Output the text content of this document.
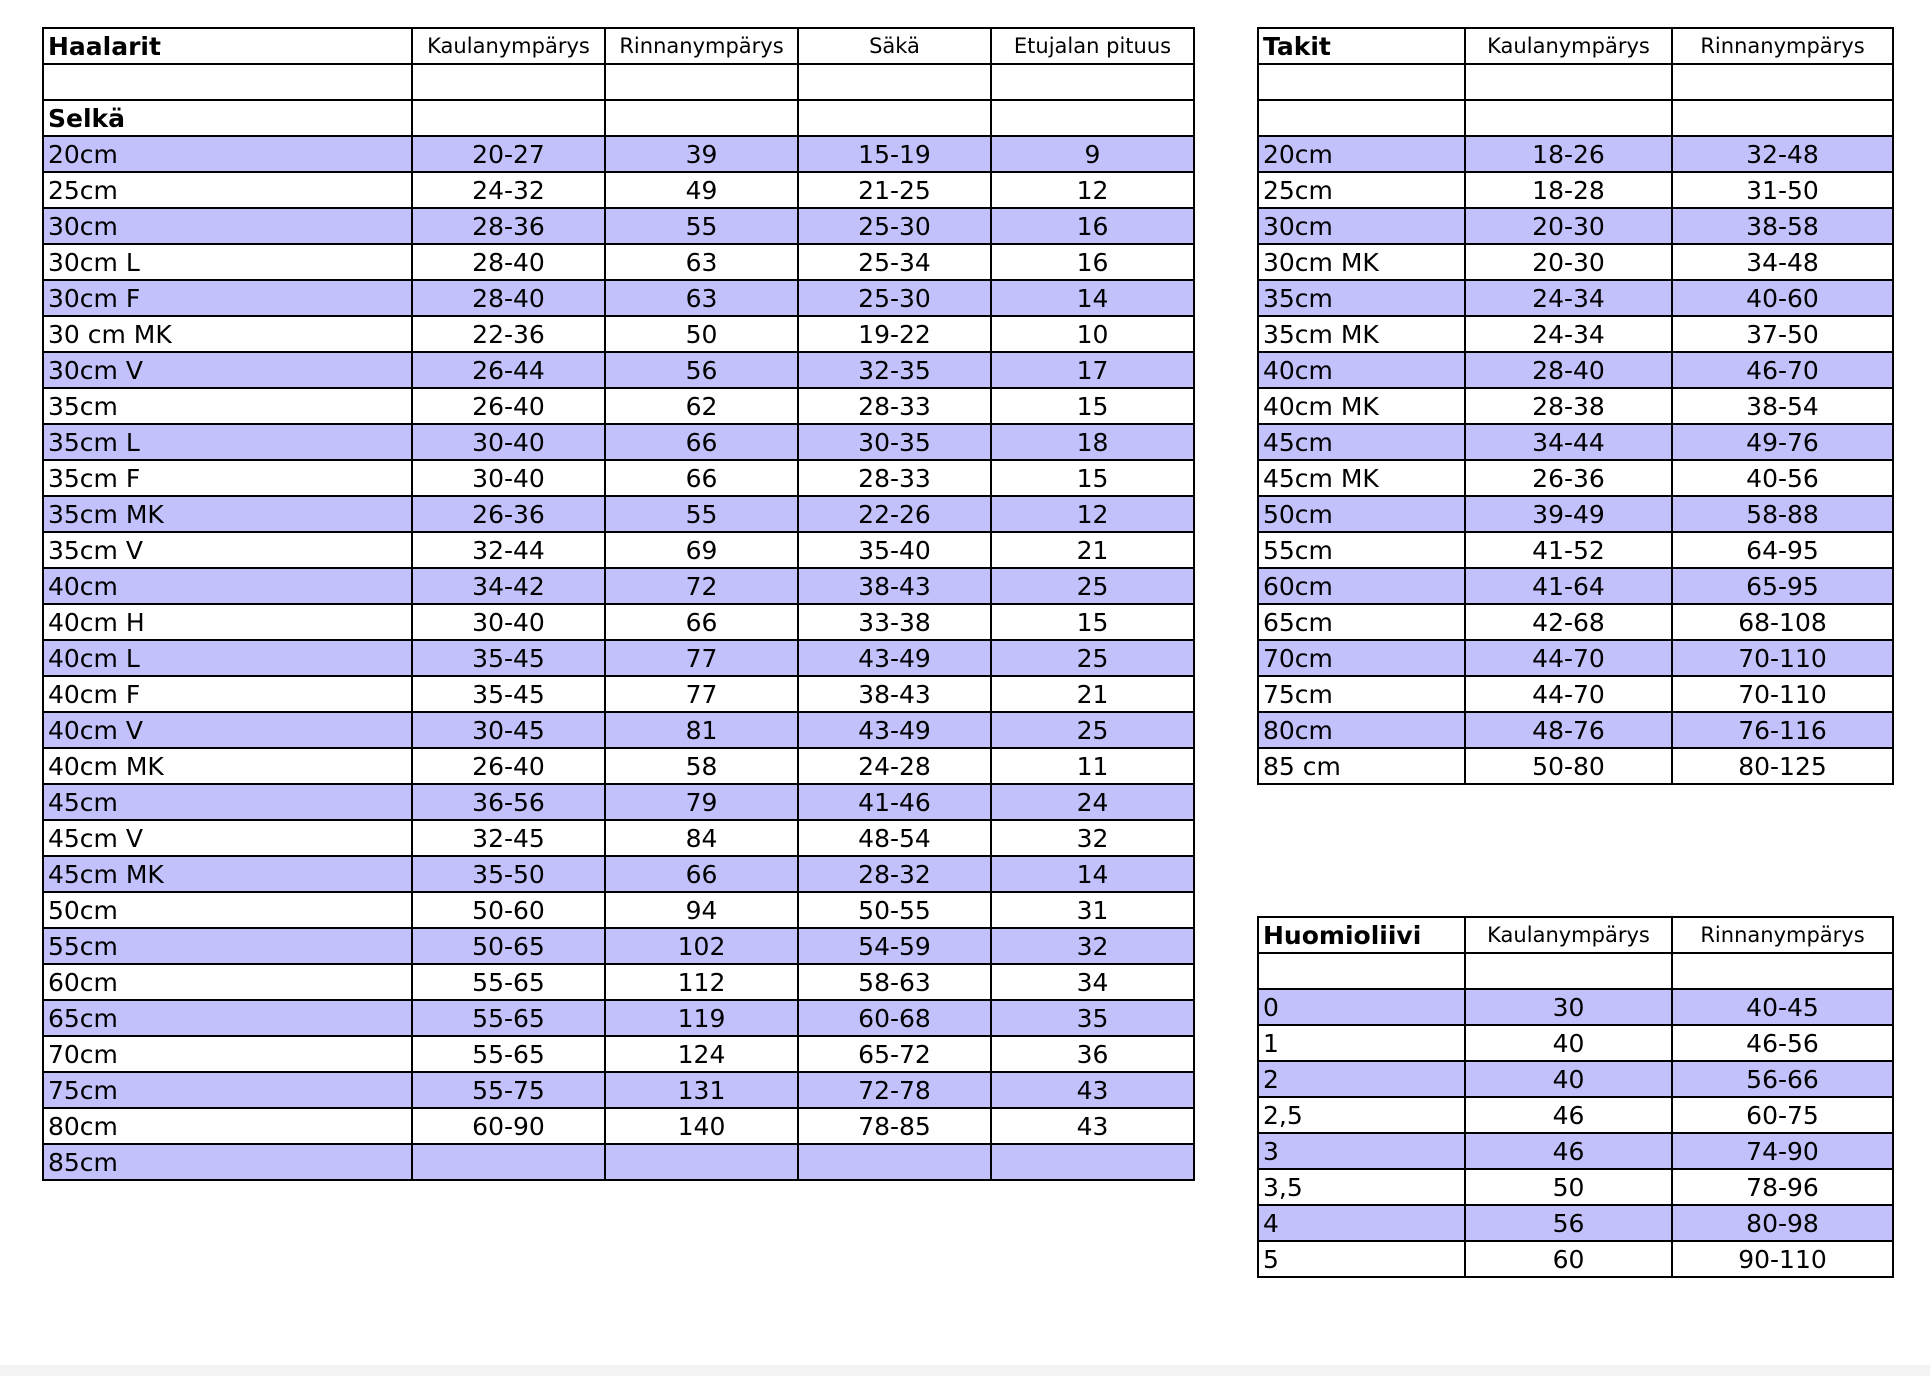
Haalarit	Kaulanympärys	Rinnanympärys	Säkä	Etujalan pituus

Selkä				
20cm	20-27	39	15-19	9
25cm	24-32	49	21-25	12
30cm	28-36	55	25-30	16
30cm L	28-40	63	25-34	16
30cm F	28-40	63	25-30	14
30 cm MK	22-36	50	19-22	10
30cm V	26-44	56	32-35	17
35cm	26-40	62	28-33	15
35cm L	30-40	66	30-35	18
35cm F	30-40	66	28-33	15
35cm MK	26-36	55	22-26	12
35cm V	32-44	69	35-40	21
40cm	34-42	72	38-43	25
40cm H	30-40	66	33-38	15
40cm L	35-45	77	43-49	25
40cm F	35-45	77	38-43	21
40cm V	30-45	81	43-49	25
40cm MK	26-40	58	24-28	11
45cm	36-56	79	41-46	24
45cm V	32-45	84	48-54	32
45cm MK	35-50	66	28-32	14
50cm	50-60	94	50-55	31
55cm	50-65	102	54-59	32
60cm	55-65	112	58-63	34
65cm	55-65	119	60-68	35
70cm	55-65	124	65-72	36
75cm	55-75	131	72-78	43
80cm	60-90	140	78-85	43
85cm				
Takit	Kaulanympärys	Rinnanympärys

20cm	18-26	32-48
25cm	18-28	31-50
30cm	20-30	38-58
30cm MK	20-30	34-48
35cm	24-34	40-60
35cm MK	24-34	37-50
40cm	28-40	46-70
40cm MK	28-38	38-54
45cm	34-44	49-76
45cm MK	26-36	40-56
50cm	39-49	58-88
55cm	41-52	64-95
60cm	41-64	65-95
65cm	42-68	68-108
70cm	44-70	70-110
75cm	44-70	70-110
80cm	48-76	76-116
85 cm	50-80	80-125
Huomioliivi	Kaulanympärys	Rinnanympärys

0	30	40-45
1	40	46-56
2	40	56-66
2,5	46	60-75
3	46	74-90
3,5	50	78-96
4	56	80-98
5	60	90-110
